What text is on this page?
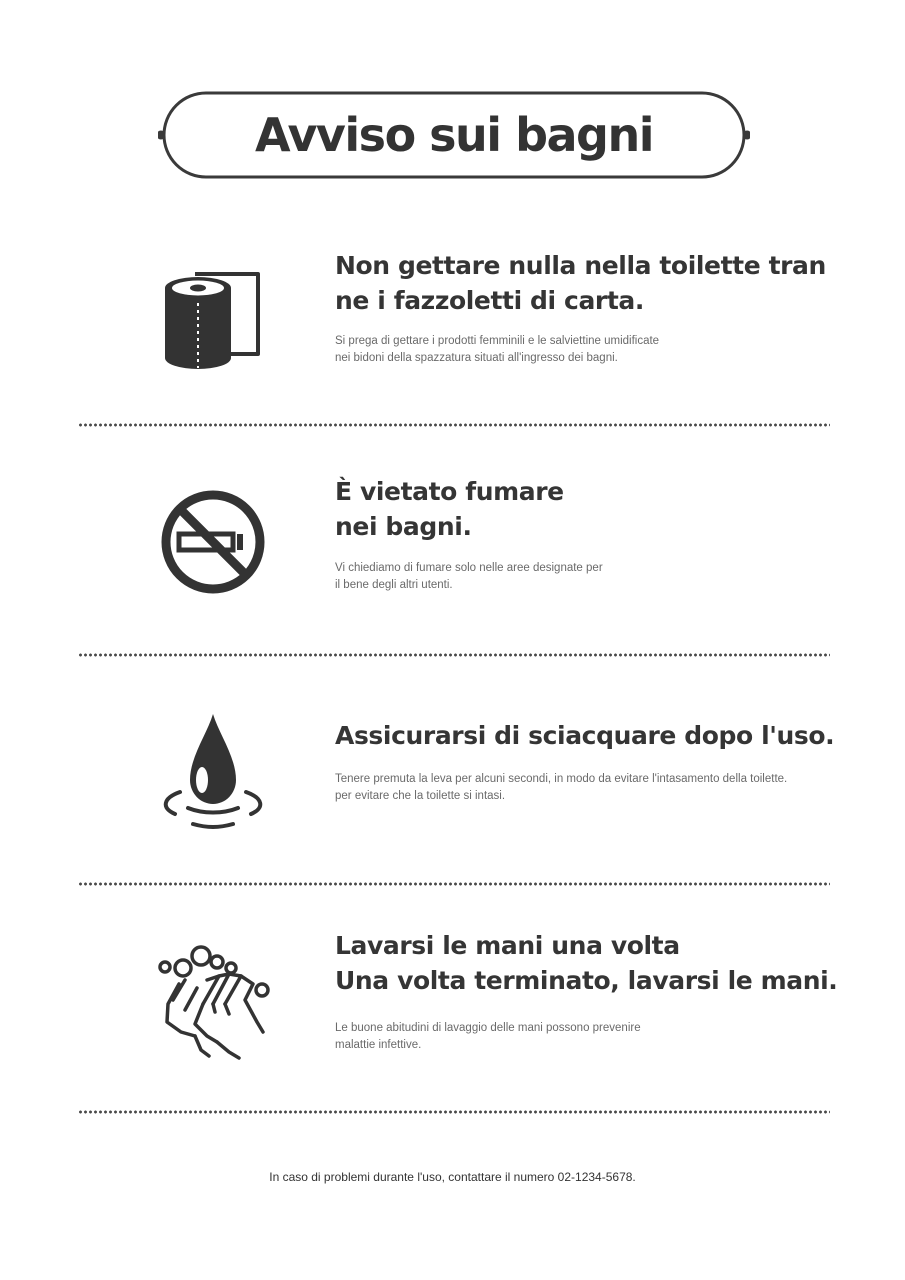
Avviso sui bagni
Non gettare nulla nella toilette tran
ne i fazzoletti di carta.

Si prega di gettare i prodotti femminili e le salviettine umidificate
nei bidoni della spazzatura situati all'ingresso dei bagni.

È vietato fumare
nei bagni.

Vi chiediamo di fumare solo nelle aree designate per
il bene degli altri utenti.

Assicurarsi di sciacquare dopo l'uso.

Tenere premuta la leva per alcuni secondi, in modo da evitare l'intasamento della toilette.
per evitare che la toilette si intasi.

Lavarsi le mani una volta
Una volta terminato, lavarsi le mani.

Le buone abitudini di lavaggio delle mani possono prevenire
malattie infettive.

In caso di problemi durante l'uso, contattare il numero 02-1234-5678.
